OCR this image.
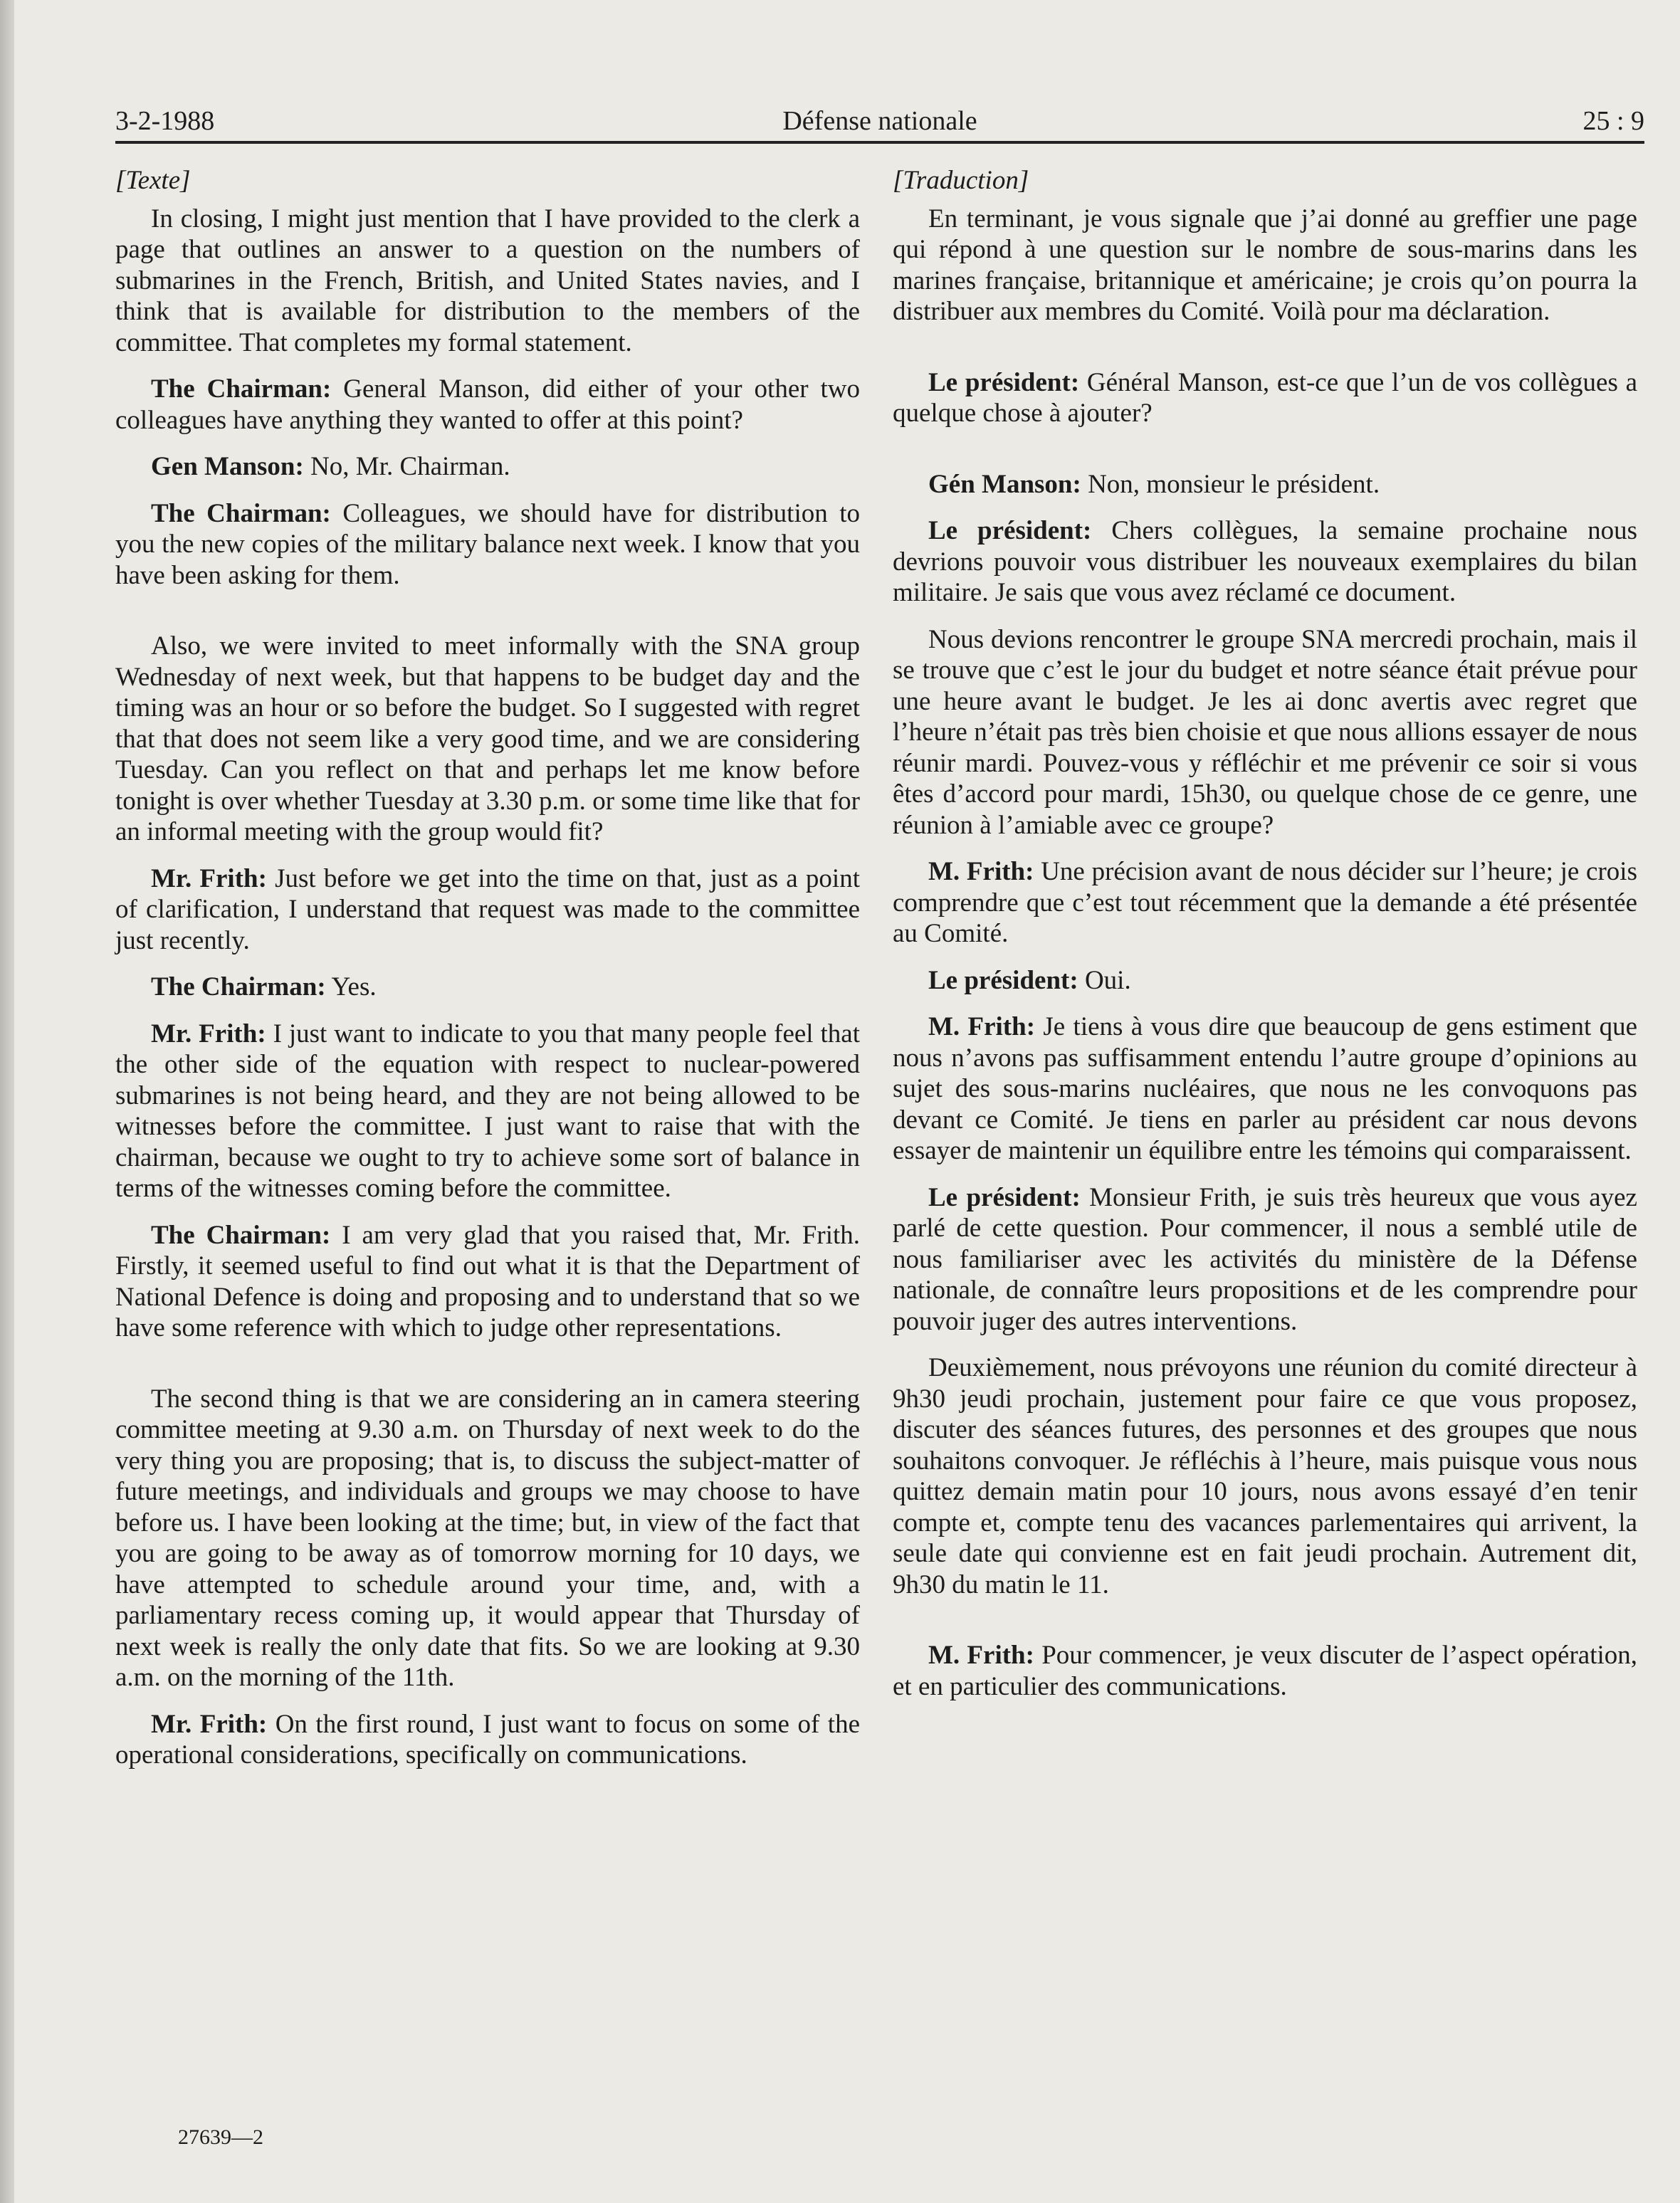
3-2-1988	Défense nationale	25 : 9
[Texte]

In closing, I might just mention that I have provided to the clerk a page that outlines an answer to a question on the numbers of submarines in the French, British, and United States navies, and I think that is available for distribution to the members of the committee. That completes my formal statement.

The Chairman: General Manson, did either of your other two colleagues have anything they wanted to offer at this point?

Gen Manson: No, Mr. Chairman.

The Chairman: Colleagues, we should have for distribution to you the new copies of the military balance next week. I know that you have been asking for them.

Also, we were invited to meet informally with the SNA group Wednesday of next week, but that happens to be budget day and the timing was an hour or so before the budget. So I suggested with regret that that does not seem like a very good time, and we are considering Tuesday. Can you reflect on that and perhaps let me know before tonight is over whether Tuesday at 3.30 p.m. or some time like that for an informal meeting with the group would fit?

Mr. Frith: Just before we get into the time on that, just as a point of clarification, I understand that request was made to the committee just recently.

The Chairman: Yes.

Mr. Frith: I just want to indicate to you that many people feel that the other side of the equation with respect to nuclear-powered submarines is not being heard, and they are not being allowed to be witnesses before the committee. I just want to raise that with the chairman, because we ought to try to achieve some sort of balance in terms of the witnesses coming before the committee.

The Chairman: I am very glad that you raised that, Mr. Frith. Firstly, it seemed useful to find out what it is that the Department of National Defence is doing and proposing and to understand that so we have some reference with which to judge other representations.

The second thing is that we are considering an in camera steering committee meeting at 9.30 a.m. on Thursday of next week to do the very thing you are proposing; that is, to discuss the subject-matter of future meetings, and individuals and groups we may choose to have before us. I have been looking at the time; but, in view of the fact that you are going to be away as of tomorrow morning for 10 days, we have attempted to schedule around your time, and, with a parliamentary recess coming up, it would appear that Thursday of next week is really the only date that fits. So we are looking at 9.30 a.m. on the morning of the 11th.

Mr. Frith: On the first round, I just want to focus on some of the operational considerations, specifically on communications.

[Traduction]

En terminant, je vous signale que j’ai donné au greffier une page qui répond à une question sur le nombre de sous-marins dans les marines française, britannique et américaine; je crois qu’on pourra la distribuer aux membres du Comité. Voilà pour ma déclaration.

Le président: Général Manson, est-ce que l’un de vos collègues a quelque chose à ajouter?

Gén Manson: Non, monsieur le président.

Le président: Chers collègues, la semaine prochaine nous devrions pouvoir vous distribuer les nouveaux exemplaires du bilan militaire. Je sais que vous avez réclamé ce document.

Nous devions rencontrer le groupe SNA mercredi prochain, mais il se trouve que c’est le jour du budget et notre séance était prévue pour une heure avant le budget. Je les ai donc avertis avec regret que l’heure n’était pas très bien choisie et que nous allions essayer de nous réunir mardi. Pouvez-vous y réfléchir et me prévenir ce soir si vous êtes d’accord pour mardi, 15h30, ou quelque chose de ce genre, une réunion à l’amiable avec ce groupe?

M. Frith: Une précision avant de nous décider sur l’heure; je crois comprendre que c’est tout récemment que la demande a été présentée au Comité.

Le président: Oui.

M. Frith: Je tiens à vous dire que beaucoup de gens estiment que nous n’avons pas suffisamment entendu l’autre groupe d’opinions au sujet des sous-marins nucléaires, que nous ne les convoquons pas devant ce Comité. Je tiens en parler au président car nous devons essayer de maintenir un équilibre entre les témoins qui comparaissent.

Le président: Monsieur Frith, je suis très heureux que vous ayez parlé de cette question. Pour commencer, il nous a semblé utile de nous familiariser avec les activités du ministère de la Défense nationale, de connaître leurs propositions et de les comprendre pour pouvoir juger des autres interventions.

Deuxièmement, nous prévoyons une réunion du comité directeur à 9h30 jeudi prochain, justement pour faire ce que vous proposez, discuter des séances futures, des personnes et des groupes que nous souhaitons convoquer. Je réfléchis à l’heure, mais puisque vous nous quittez demain matin pour 10 jours, nous avons essayé d’en tenir compte et, compte tenu des vacances parlementaires qui arrivent, la seule date qui convienne est en fait jeudi prochain. Autrement dit, 9h30 du matin le 11.

M. Frith: Pour commencer, je veux discuter de l’aspect opération, et en particulier des communications.

27639—2
